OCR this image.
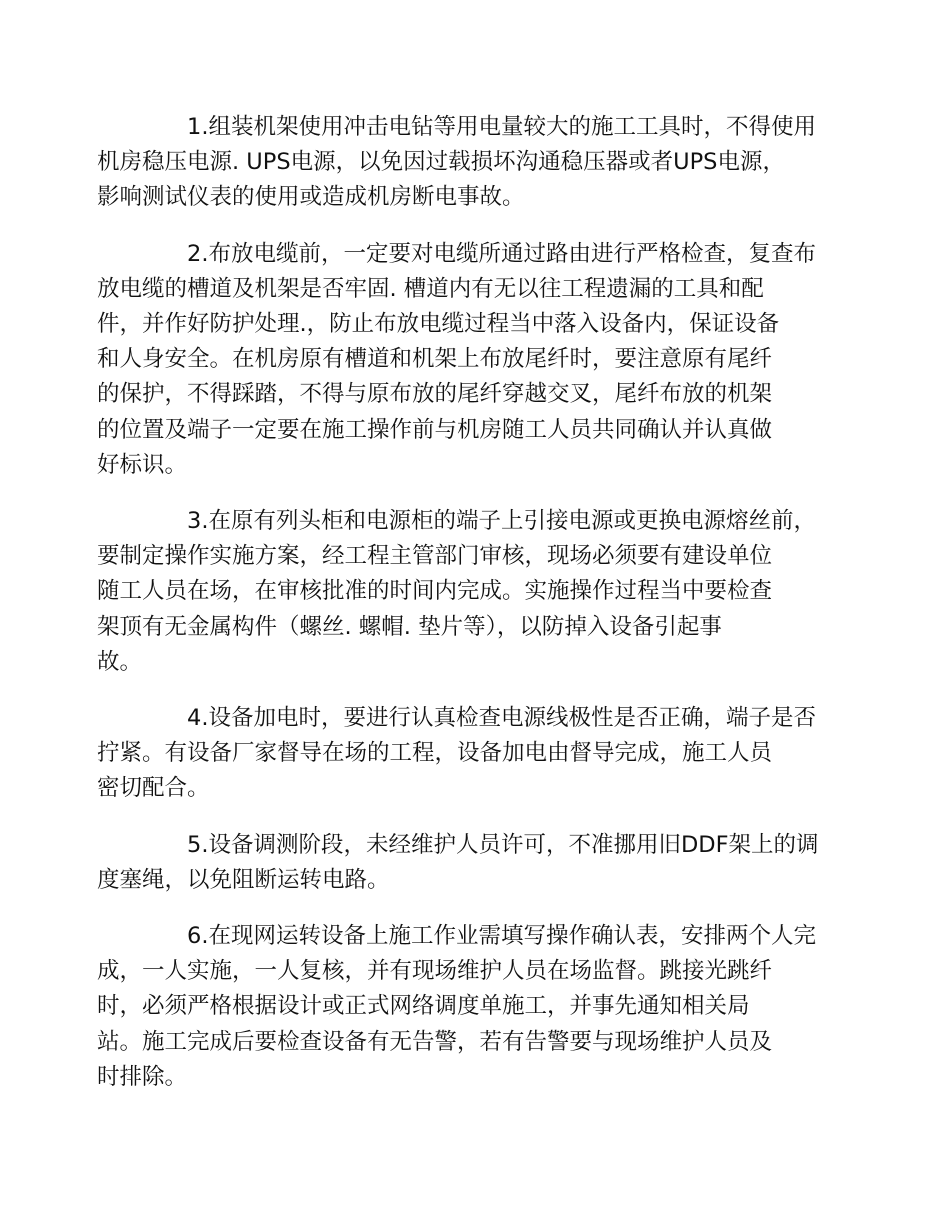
1.组装机架使用冲击电钻等用电量较大的施工工具时，不得使用
机房稳压电源. UPS电源，以免因过载损坏沟通稳压器或者UPS电源，
影响测试仪表的使用或造成机房断电事故。

2.布放电缆前，一定要对电缆所通过路由进行严格检查，复查布
放电缆的槽道及机架是否牢固. 槽道内有无以往工程遗漏的工具和配
件，并作好防护处理.，防止布放电缆过程当中落入设备内，保证设备
和人身安全。在机房原有槽道和机架上布放尾纤时，要注意原有尾纤
的保护，不得踩踏，不得与原布放的尾纤穿越交叉，尾纤布放的机架
的位置及端子一定要在施工操作前与机房随工人员共同确认并认真做
好标识。

3.在原有列头柜和电源柜的端子上引接电源或更换电源熔丝前，
要制定操作实施方案，经工程主管部门审核，现场必须要有建设单位
随工人员在场，在审核批准的时间内完成。实施操作过程当中要检查
架顶有无金属构件（螺丝. 螺帽. 垫片等），以防掉入设备引起事
故。

4.设备加电时，要进行认真检查电源线极性是否正确，端子是否
拧紧。有设备厂家督导在场的工程，设备加电由督导完成，施工人员
密切配合。

5.设备调测阶段，未经维护人员许可，不准挪用旧DDF架上的调
度塞绳，以免阻断运转电路。

6.在现网运转设备上施工作业需填写操作确认表，安排两个人完
成，一人实施，一人复核，并有现场维护人员在场监督。跳接光跳纤
时，必须严格根据设计或正式网络调度单施工，并事先通知相关局
站。施工完成后要检查设备有无告警，若有告警要与现场维护人员及
时排除。
